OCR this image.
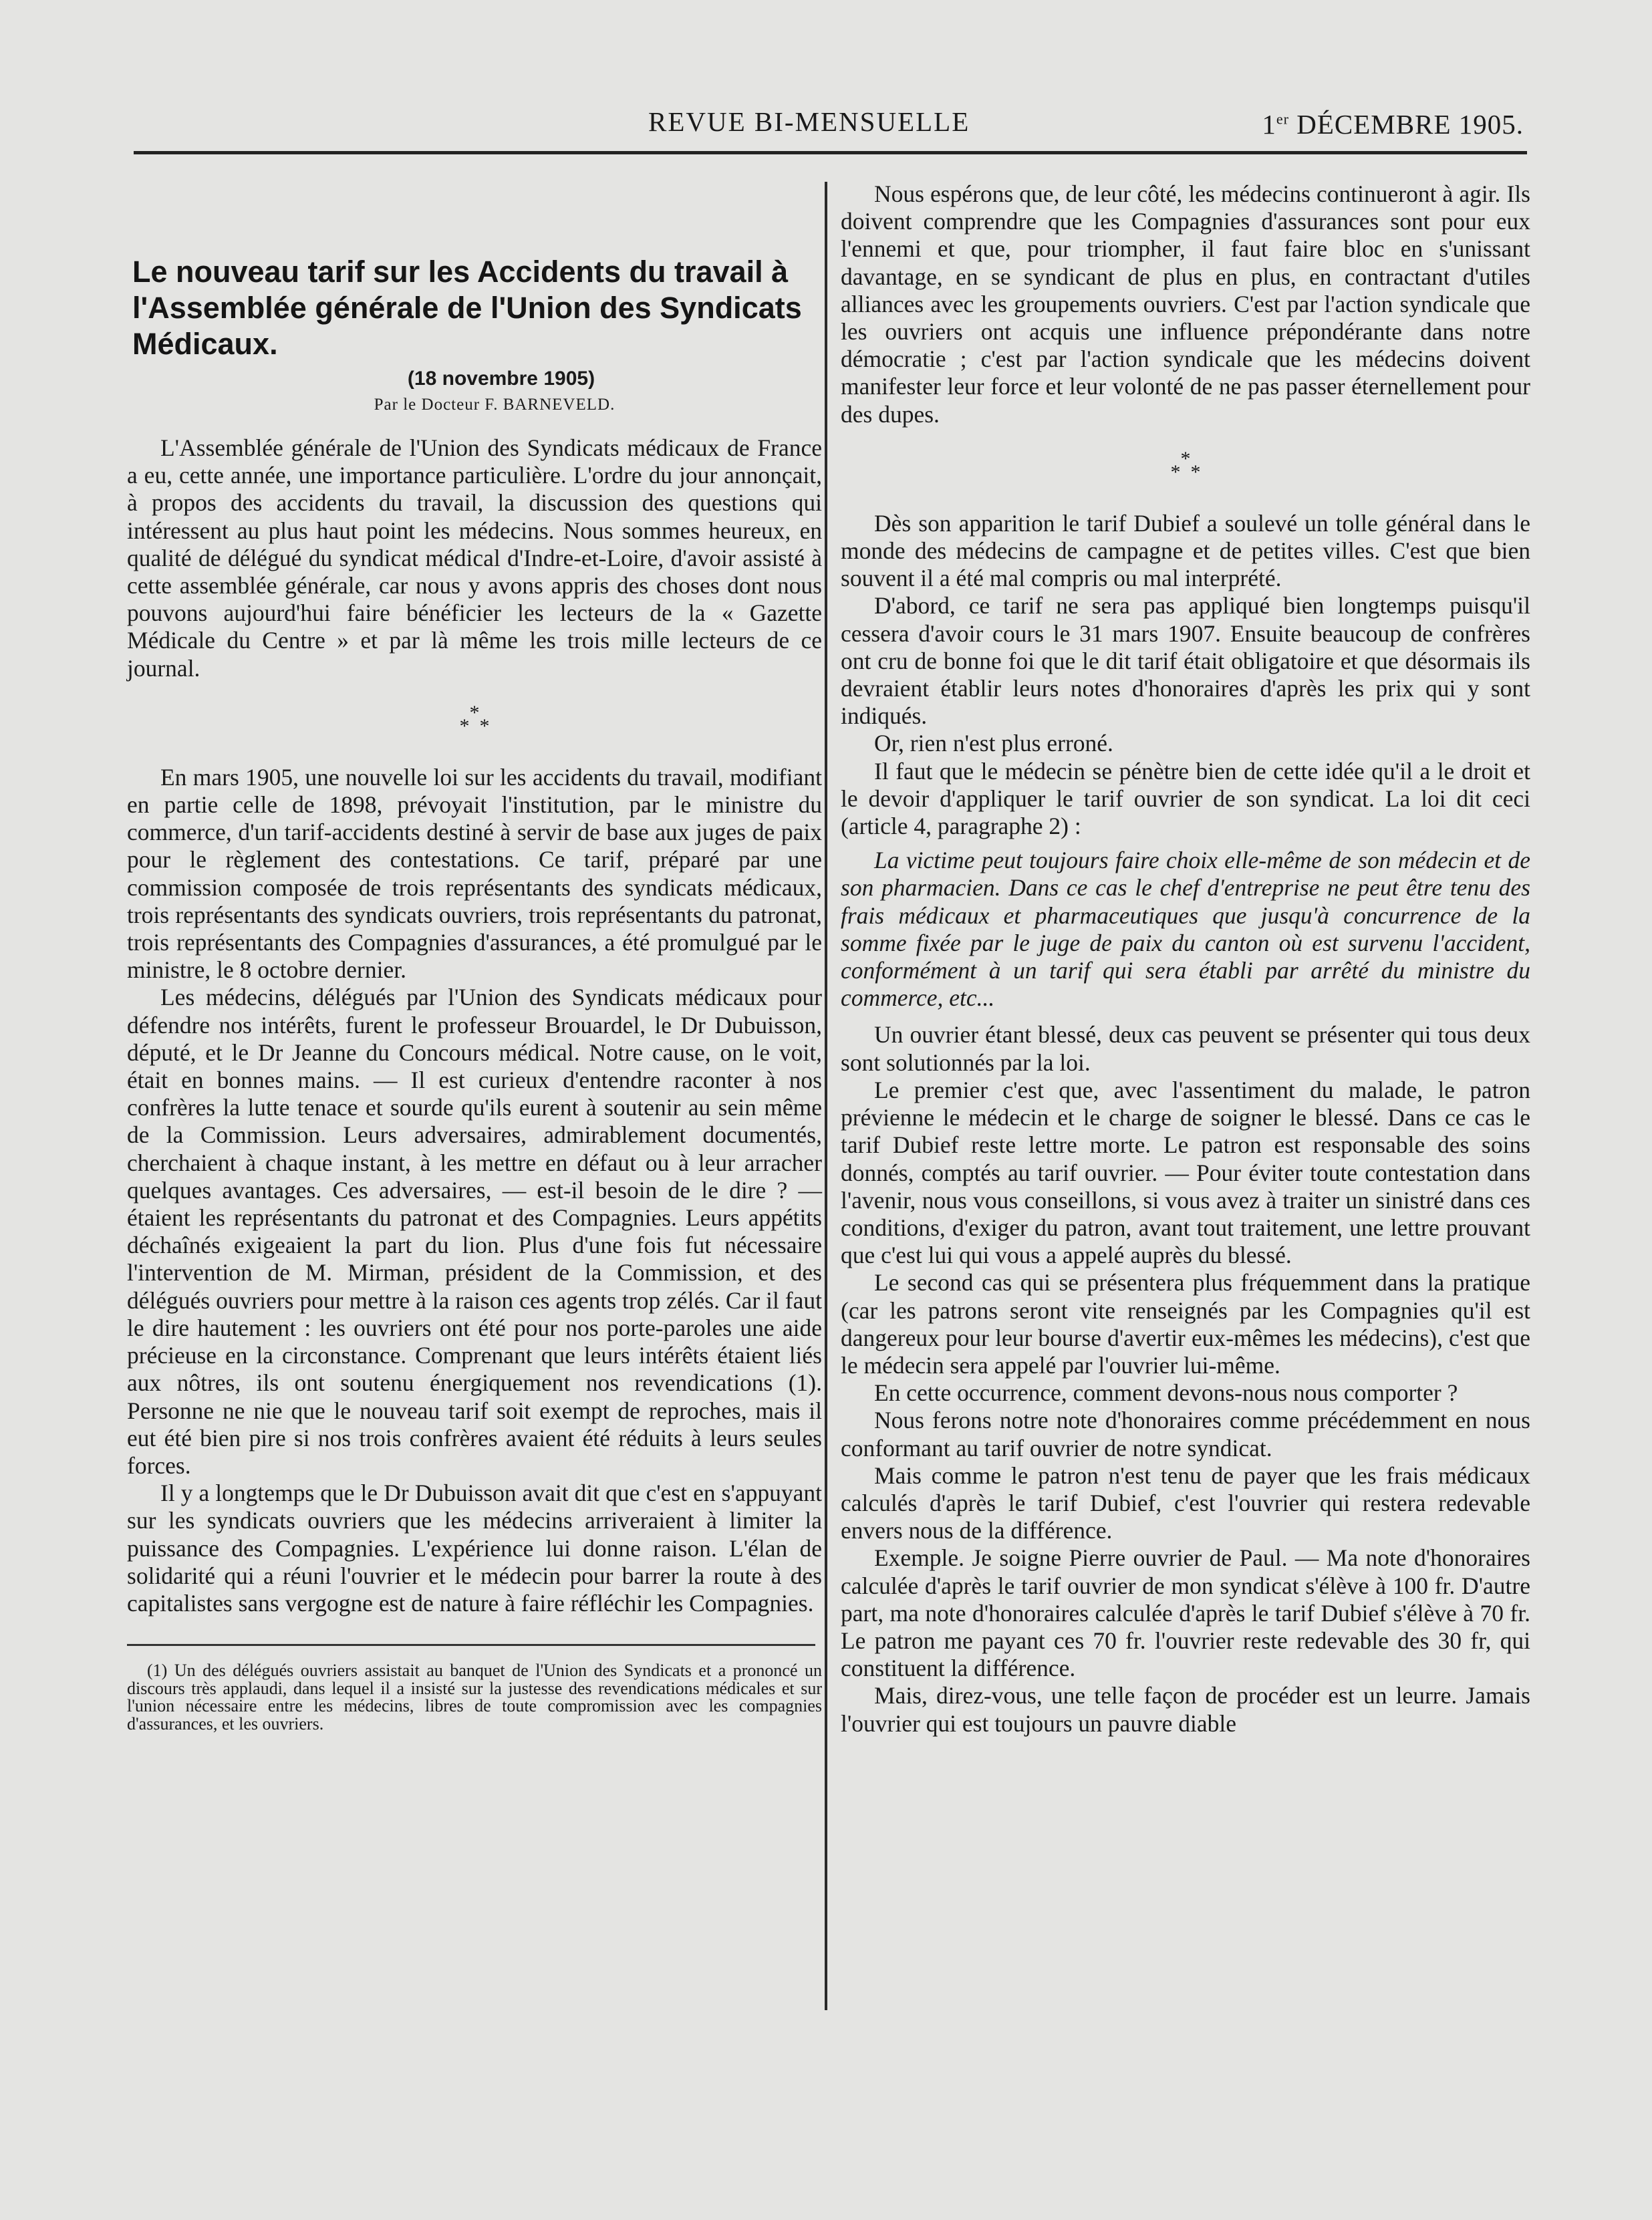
REVUE BI-MENSUELLE	1er DÉCEMBRE 1905.
Le nouveau tarif sur les Accidents du travail à l'Assemblée générale de l'Union des Syndicats Médicaux.
(18 novembre 1905)
Par le Docteur F. BARNEVELD.

L'Assemblée générale de l'Union des Syndicats médicaux de France a eu, cette année, une importance particulière. L'ordre du jour annonçait, à propos des accidents du travail, la discussion des questions qui intéressent au plus haut point les médecins. Nous sommes heureux, en qualité de délégué du syndicat médical d'Indre-et-Loire, d'avoir assisté à cette assemblée générale, car nous y avons appris des choses dont nous pouvons aujourd'hui faire bénéficier les lecteurs de la « Gazette Médicale du Centre » et par là même les trois mille lecteurs de ce journal.

*
* *

En mars 1905, une nouvelle loi sur les accidents du travail, modifiant en partie celle de 1898, prévoyait l'institution, par le ministre du commerce, d'un tarif-accidents destiné à servir de base aux juges de paix pour le règlement des contestations. Ce tarif, préparé par une commission composée de trois représentants des syndicats médicaux, trois représentants des syndicats ouvriers, trois représentants du patronat, trois représentants des Compagnies d'assurances, a été promulgué par le ministre, le 8 octobre dernier.

Les médecins, délégués par l'Union des Syndicats médicaux pour défendre nos intérêts, furent le professeur Brouardel, le Dr Dubuisson, député, et le Dr Jeanne du Concours médical. Notre cause, on le voit, était en bonnes mains. — Il est curieux d'entendre raconter à nos confrères la lutte tenace et sourde qu'ils eurent à soutenir au sein même de la Commission. Leurs adversaires, admirablement documentés, cherchaient à chaque instant, à les mettre en défaut ou à leur arracher quelques avantages. Ces adversaires, — est-il besoin de le dire ? — étaient les représentants du patronat et des Compagnies. Leurs appétits déchaînés exigeaient la part du lion. Plus d'une fois fut nécessaire l'intervention de M. Mirman, président de la Commission, et des délégués ouvriers pour mettre à la raison ces agents trop zélés. Car il faut le dire hautement : les ouvriers ont été pour nos porte-paroles une aide précieuse en la circonstance. Comprenant que leurs intérêts étaient liés aux nôtres, ils ont soutenu énergiquement nos revendications (1). Personne ne nie que le nouveau tarif soit exempt de reproches, mais il eut été bien pire si nos trois confrères avaient été réduits à leurs seules forces.

Il y a longtemps que le Dr Dubuisson avait dit que c'est en s'appuyant sur les syndicats ouvriers que les médecins arriveraient à limiter la puissance des Compagnies. L'expérience lui donne raison. L'élan de solidarité qui a réuni l'ouvrier et le médecin pour barrer la route à des capitalistes sans vergogne est de nature à faire réfléchir les Compagnies.

(1) Un des délégués ouvriers assistait au banquet de l'Union des Syndicats et a prononcé un discours très applaudi, dans lequel il a insisté sur la justesse des revendications médicales et sur l'union nécessaire entre les médecins, libres de toute compromission avec les compagnies d'assurances, et les ouvriers.

Nous espérons que, de leur côté, les médecins continueront à agir. Ils doivent comprendre que les Compagnies d'assurances sont pour eux l'ennemi et que, pour triompher, il faut faire bloc en s'unissant davantage, en se syndicant de plus en plus, en contractant d'utiles alliances avec les groupements ouvriers. C'est par l'action syndicale que les ouvriers ont acquis une influence prépondérante dans notre démocratie ; c'est par l'action syndicale que les médecins doivent manifester leur force et leur volonté de ne pas passer éternellement pour des dupes.

*
* *

Dès son apparition le tarif Dubief a soulevé un tolle général dans le monde des médecins de campagne et de petites villes. C'est que bien souvent il a été mal compris ou mal interprété.

D'abord, ce tarif ne sera pas appliqué bien longtemps puisqu'il cessera d'avoir cours le 31 mars 1907. Ensuite beaucoup de confrères ont cru de bonne foi que le dit tarif était obligatoire et que désormais ils devraient établir leurs notes d'honoraires d'après les prix qui y sont indiqués.

Or, rien n'est plus erroné.

Il faut que le médecin se pénètre bien de cette idée qu'il a le droit et le devoir d'appliquer le tarif ouvrier de son syndicat. La loi dit ceci (article 4, paragraphe 2) :

La victime peut toujours faire choix elle-même de son médecin et de son pharmacien. Dans ce cas le chef d'entreprise ne peut être tenu des frais médicaux et pharmaceutiques que jusqu'à concurrence de la somme fixée par le juge de paix du canton où est survenu l'accident, conformément à un tarif qui sera établi par arrêté du ministre du commerce, etc...

Un ouvrier étant blessé, deux cas peuvent se présenter qui tous deux sont solutionnés par la loi.

Le premier c'est que, avec l'assentiment du malade, le patron prévienne le médecin et le charge de soigner le blessé. Dans ce cas le tarif Dubief reste lettre morte. Le patron est responsable des soins donnés, comptés au tarif ouvrier. — Pour éviter toute contestation dans l'avenir, nous vous conseillons, si vous avez à traiter un sinistré dans ces conditions, d'exiger du patron, avant tout traitement, une lettre prouvant que c'est lui qui vous a appelé auprès du blessé.

Le second cas qui se présentera plus fréquemment dans la pratique (car les patrons seront vite renseignés par les Compagnies qu'il est dangereux pour leur bourse d'avertir eux-mêmes les médecins), c'est que le médecin sera appelé par l'ouvrier lui-même.

En cette occurrence, comment devons-nous nous comporter ?

Nous ferons notre note d'honoraires comme précédemment en nous conformant au tarif ouvrier de notre syndicat.

Mais comme le patron n'est tenu de payer que les frais médicaux calculés d'après le tarif Dubief, c'est l'ouvrier qui restera redevable envers nous de la différence.

Exemple. Je soigne Pierre ouvrier de Paul. — Ma note d'honoraires calculée d'après le tarif ouvrier de mon syndicat s'élève à 100 fr. D'autre part, ma note d'honoraires calculée d'après le tarif Dubief s'élève à 70 fr. Le patron me payant ces 70 fr. l'ouvrier reste redevable des 30 fr, qui constituent la différence.

Mais, direz-vous, une telle façon de procéder est un leurre. Jamais l'ouvrier qui est toujours un pauvre diable
